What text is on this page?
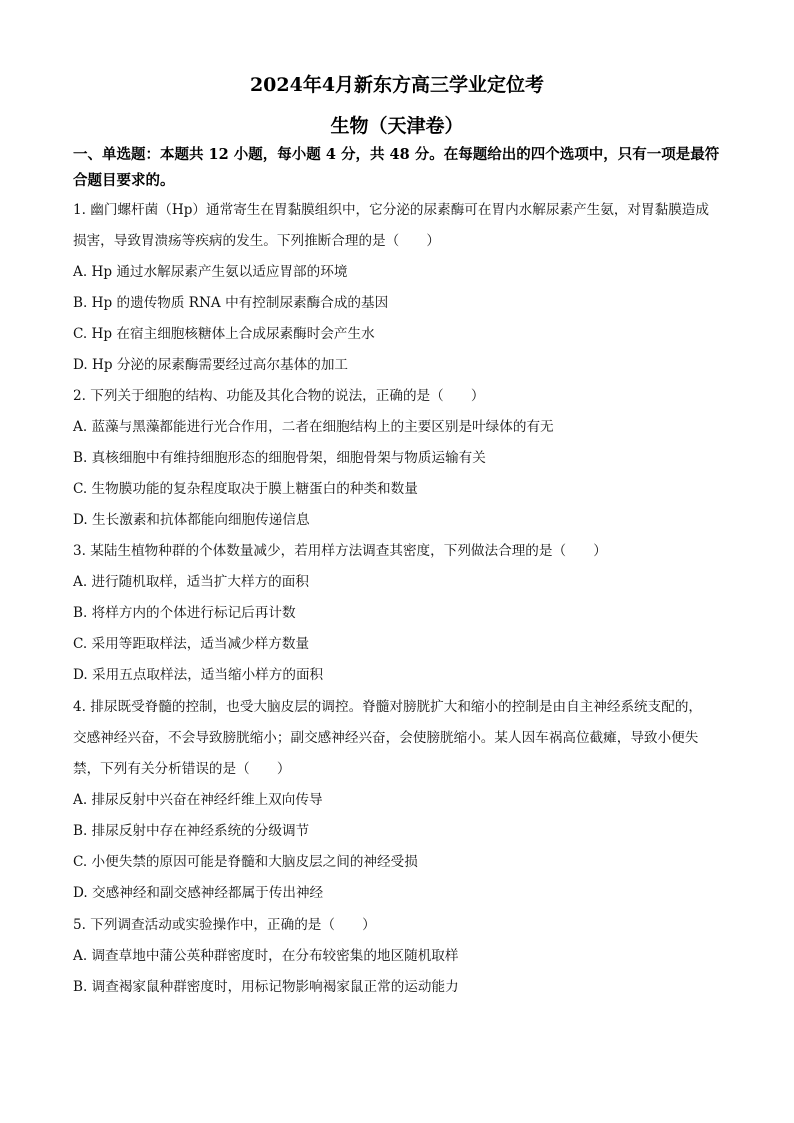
2024年4月新东方高三学业定位考
生物（天津卷）
一、单选题：本题共 12 小题，每小题 4 分，共 48 分。在每题给出的四个选项中，只有一项是最符合题目要求的。
1. 幽门螺杆菌（Hp）通常寄生在胃黏膜组织中，它分泌的尿素酶可在胃内水解尿素产生氨，对胃黏膜造成
损害，导致胃溃疡等疾病的发生。下列推断合理的是（　　）
A. Hp 通过水解尿素产生氨以适应胃部的环境
B. Hp 的遗传物质 RNA 中有控制尿素酶合成的基因
C. Hp 在宿主细胞核糖体上合成尿素酶时会产生水
D. Hp 分泌的尿素酶需要经过高尔基体的加工
2. 下列关于细胞的结构、功能及其化合物的说法，正确的是（　　）
A. 蓝藻与黑藻都能进行光合作用，二者在细胞结构上的主要区别是叶绿体的有无
B. 真核细胞中有维持细胞形态的细胞骨架，细胞骨架与物质运输有关
C. 生物膜功能的复杂程度取决于膜上糖蛋白的种类和数量
D. 生长激素和抗体都能向细胞传递信息
3. 某陆生植物种群的个体数量减少，若用样方法调查其密度，下列做法合理的是（　　）
A. 进行随机取样，适当扩大样方的面积
B. 将样方内的个体进行标记后再计数
C. 采用等距取样法，适当减少样方数量
D. 采用五点取样法，适当缩小样方的面积
4. 排尿既受脊髓的控制，也受大脑皮层的调控。脊髓对膀胱扩大和缩小的控制是由自主神经系统支配的，
交感神经兴奋，不会导致膀胱缩小；副交感神经兴奋，会使膀胱缩小。某人因车祸高位截瘫，导致小便失
禁，下列有关分析错误的是（　　）
A. 排尿反射中兴奋在神经纤维上双向传导
B. 排尿反射中存在神经系统的分级调节
C. 小便失禁的原因可能是脊髓和大脑皮层之间的神经受损
D. 交感神经和副交感神经都属于传出神经
5. 下列调查活动或实验操作中，正确的是（　　）
A. 调查草地中蒲公英种群密度时，在分布较密集的地区随机取样
B. 调查褐家鼠种群密度时，用标记物影响褐家鼠正常的运动能力
